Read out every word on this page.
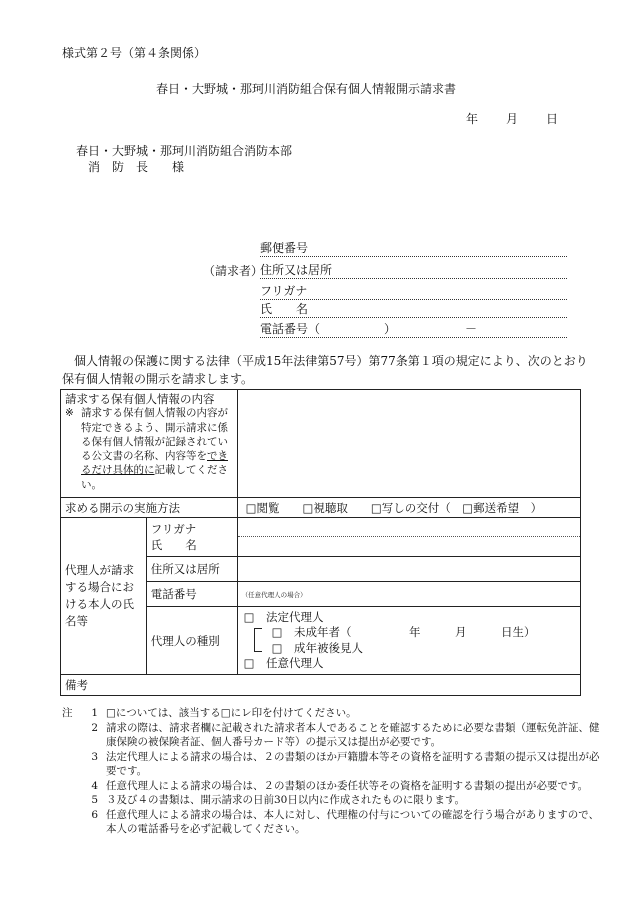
様式第２号（第４条関係）
春日・大野城・那珂川消防組合保有個人情報開示請求書
年 月 日
春日・大野城・那珂川消防組合消防本部
消　防　長　　様
（請求者）
郵便番号
住所又は居所
フリガナ
氏　　名
電話番号（	）	－
　個人情報の保護に関する法律（平成15年法律第57号）第77条第１項の規定により、次のとおり保有個人情報の開示を請求します。
請求する保有個人情報の内容
※ 請求する保有個人情報の内容が特定できるよう、開示請求に係る保有個人情報が記録されている公文書の名称、内容等をできるだけ具体的に記載してください。		

求める開示の実施方法		□閲覧　　□視聴取　　□写しの交付（　□郵送希望　）
代理人が請求する場合における本人の氏名等	フリガナ
氏　　名	

	住所又は居所	
	電話番号	（任意代理人の場合）
	代理人の種別	□　法定代理人
□　未成年者（　　　　　年　　　月　　　日生）
□　成年被後見人
□　任意代理人

備考		
注	1 □については、該当する□にレ印を付けてください。
2 請求の際は、請求者欄に記載された請求者本人であることを確認するために必要な書類（運転免許証、健康保険の被保険者証、個人番号カード等）の提示又は提出が必要です。
3 法定代理人による請求の場合は、２の書類のほか戸籍謄本等その資格を証明する書類の提示又は提出が必要です。
4 任意代理人による請求の場合は、２の書類のほか委任状等その資格を証明する書類の提出が必要です。
5 ３及び４の書類は、開示請求の日前30日以内に作成されたものに限ります。
6 任意代理人による請求の場合は、本人に対し、代理権の付与についての確認を行う場合がありますので、本人の電話番号を必ず記載してください。
